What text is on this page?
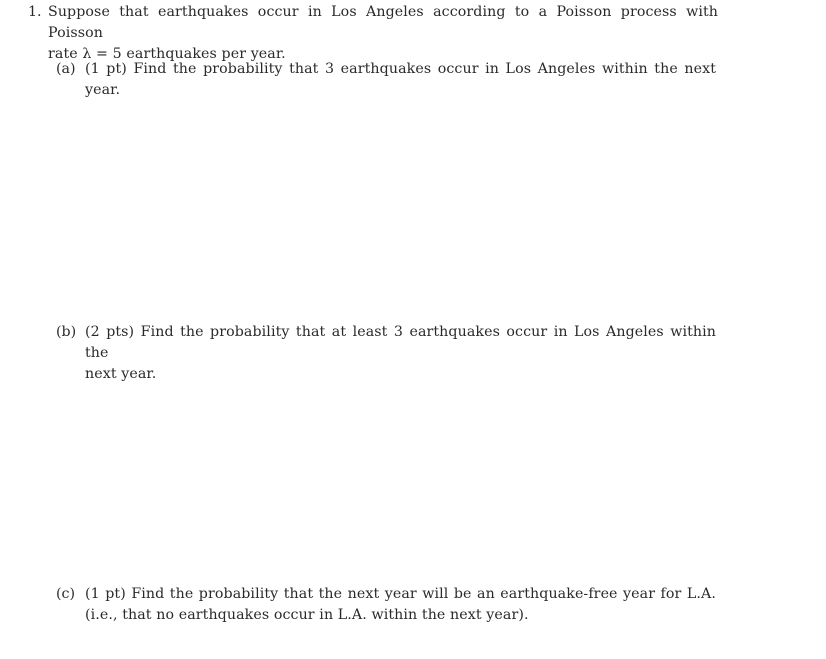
1. Suppose that earthquakes occur in Los Angeles according to a Poisson process with Poisson
rate λ = 5 earthquakes per year.
(a) (1 pt) Find the probability that 3 earthquakes occur in Los Angeles within the next
year.
(b) (2 pts) Find the probability that at least 3 earthquakes occur in Los Angeles within the
next year.
(c) (1 pt) Find the probability that the next year will be an earthquake-free year for L.A.
(i.e., that no earthquakes occur in L.A. within the next year).
